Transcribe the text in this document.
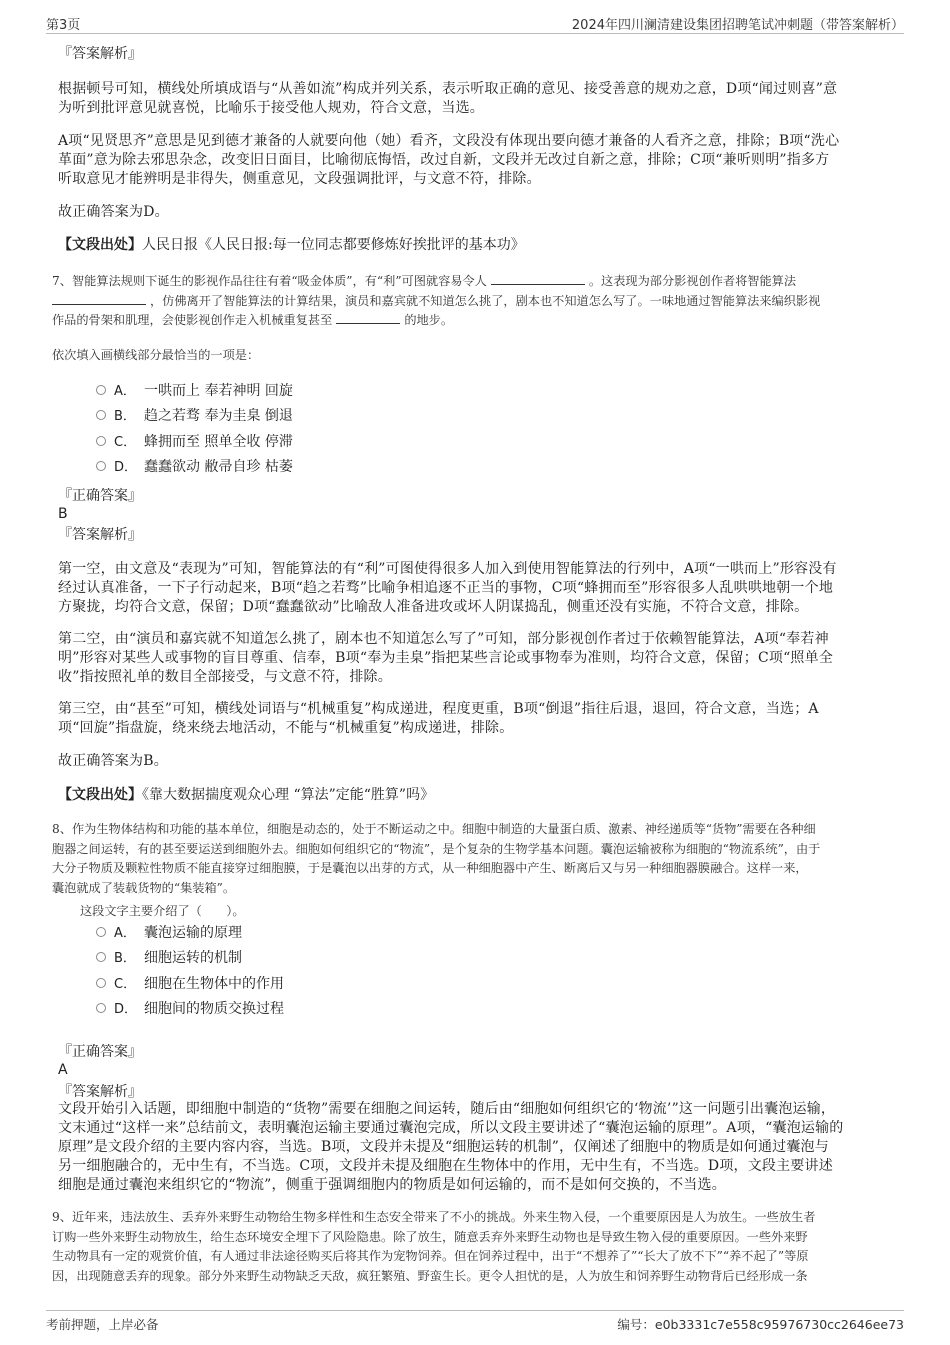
第3页	2024年四川澜清建设集团招聘笔试冲刺题（带答案解析）
『答案解析』
根据顿号可知，横线处所填成语与“从善如流”构成并列关系，表示听取正确的意见、接受善意的规劝之意，D项“闻过则喜”意
为听到批评意见就喜悦，比喻乐于接受他人规劝，符合文意，当选。
A项“见贤思齐”意思是见到德才兼备的人就要向他（她）看齐，文段没有体现出要向德才兼备的人看齐之意，排除；B项“洗心
革面”意为除去邪思杂念，改变旧日面目，比喻彻底悔悟，改过自新，文段并无改过自新之意，排除；C项“兼听则明”指多方
听取意见才能辨明是非得失，侧重意见，文段强调批评，与文意不符，排除。
故正确答案为D。
【文段出处】人民日报《人民日报:每一位同志都要修炼好挨批评的基本功》
7、智能算法规则下诞生的影视作品往往有着“吸金体质”，有“利”可图就容易令人	。这表现为部分影视创作者将智能算法
，仿佛离开了智能算法的计算结果，演员和嘉宾就不知道怎么挑了，剧本也不知道怎么写了。一味地通过智能算法来编织影视
作品的骨架和肌理，会使影视创作走入机械重复甚至	的地步。
依次填入画横线部分最恰当的一项是：
A． 一哄而上 奉若神明 回旋
B． 趋之若骛 奉为圭臬 倒退
C． 蜂拥而至 照单全收 停滞
D． 蠢蠢欲动 敝帚自珍 枯萎
『正确答案』
B
『答案解析』
第一空，由文意及“表现为”可知，智能算法的有“利”可图使得很多人加入到使用智能算法的行列中，A项“一哄而上”形容没有
经过认真准备，一下子行动起来，B项“趋之若骛”比喻争相追逐不正当的事物，C项“蜂拥而至”形容很多人乱哄哄地朝一个地
方聚拢，均符合文意，保留；D项“蠢蠢欲动”比喻敌人准备进攻或坏人阴谋捣乱，侧重还没有实施，不符合文意，排除。
第二空，由“演员和嘉宾就不知道怎么挑了，剧本也不知道怎么写了”可知，部分影视创作者过于依赖智能算法，A项“奉若神
明”形容对某些人或事物的盲目尊重、信奉，B项“奉为圭臬”指把某些言论或事物奉为准则，均符合文意，保留；C项“照单全
收”指按照礼单的数目全部接受，与文意不符，排除。
第三空，由“甚至”可知，横线处词语与“机械重复”构成递进，程度更重，B项“倒退”指往后退，退回，符合文意，当选；A
项“回旋”指盘旋，绕来绕去地活动，不能与“机械重复”构成递进，排除。
故正确答案为B。
【文段出处】《靠大数据揣度观众心理 “算法”定能“胜算”吗》
8、作为生物体结构和功能的基本单位，细胞是动态的，处于不断运动之中。细胞中制造的大量蛋白质、激素、神经递质等“货物”需要在各种细
胞器之间运转，有的甚至要运送到细胞外去。细胞如何组织它的“物流”，是个复杂的生物学基本问题。囊泡运输被称为细胞的“物流系统”，由于
大分子物质及颗粒性物质不能直接穿过细胞膜，于是囊泡以出芽的方式，从一种细胞器中产生、断离后又与另一种细胞器膜融合。这样一来，
囊泡就成了装载货物的“集装箱”。
这段文字主要介绍了（　　）。
A． 囊泡运输的原理
B． 细胞运转的机制
C． 细胞在生物体中的作用
D． 细胞间的物质交换过程
『正确答案』
A
『答案解析』
文段开始引入话题，即细胞中制造的“货物”需要在细胞之间运转，随后由“细胞如何组织它的‘物流’”这一问题引出囊泡运输，
文末通过“这样一来”总结前文，表明囊泡运输主要通过囊泡完成，所以文段主要讲述了“囊泡运输的原理”。A项，“囊泡运输的
原理”是文段介绍的主要内容内容，当选。B项，文段并未提及“细胞运转的机制”，仅阐述了细胞中的物质是如何通过囊泡与
另一细胞融合的，无中生有，不当选。C项，文段并未提及细胞在生物体中的作用，无中生有，不当选。D项，文段主要讲述
细胞是通过囊泡来组织它的“物流”，侧重于强调细胞内的物质是如何运输的，而不是如何交换的，不当选。
9、近年来，违法放生、丢弃外来野生动物给生物多样性和生态安全带来了不小的挑战。外来生物入侵，一个重要原因是人为放生。一些放生者
订购一些外来野生动物放生，给生态环境安全埋下了风险隐患。除了放生，随意丢弃外来野生动物也是导致生物入侵的重要原因。一些外来野
生动物具有一定的观赏价值，有人通过非法途径购买后将其作为宠物饲养。但在饲养过程中，出于“不想养了”“长大了放不下”“养不起了”等原
因，出现随意丢弃的现象。部分外来野生动物缺乏天敌，疯狂繁殖、野蛮生长。更令人担忧的是，人为放生和饲养野生动物背后已经形成一条
考前押题，上岸必备	编号：e0b3331c7e558c95976730cc2646ee73
